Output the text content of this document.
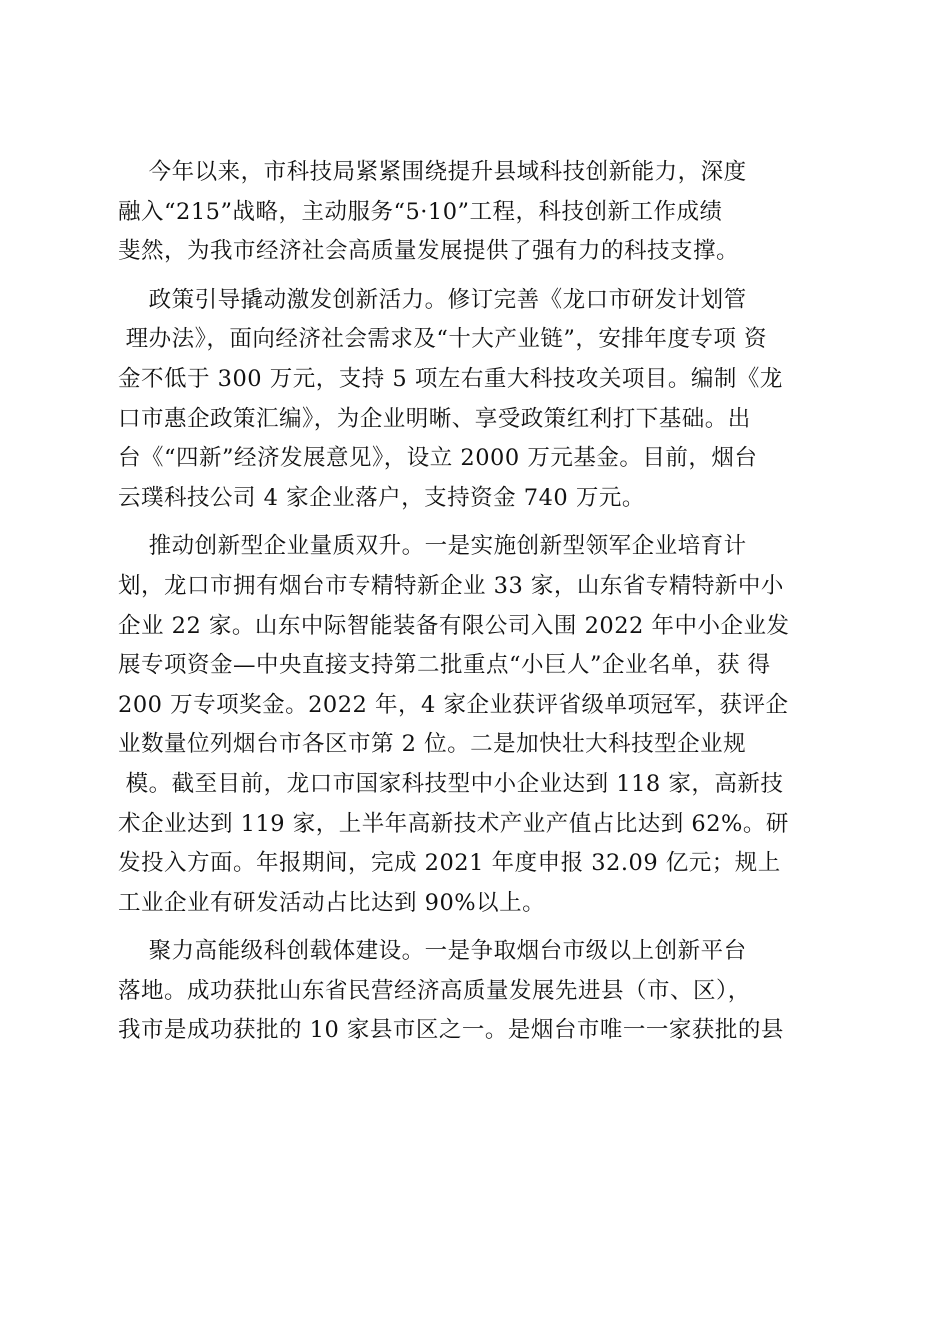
今年以来，市科技局紧紧围绕提升县域科技创新能力，深度
融入“215”战略，主动服务“5·10”工程，科技创新工作成绩
斐然，为我市经济社会高质量发展提供了强有力的科技支撑。
政策引导撬动激发创新活力。修订完善《龙口市研发计划管
理办法》，面向经济社会需求及“十大产业链”，安排年度专项 资
金不低于 300 万元，支持 5 项左右重大科技攻关项目。编制《龙
口市惠企政策汇编》，为企业明晰、享受政策红利打下基础。出
台《“四新”经济发展意见》，设立 2000 万元基金。目前，烟台
云璞科技公司 4 家企业落户，支持资金 740 万元。
推动创新型企业量质双升。一是实施创新型领军企业培育计
划，龙口市拥有烟台市专精特新企业 33 家，山东省专精特新中小
企业 22 家。山东中际智能装备有限公司入围 2022 年中小企业发
展专项资金—中央直接支持第二批重点“小巨人”企业名单，获 得
200 万专项奖金。2022 年，4 家企业获评省级单项冠军，获评企
业数量位列烟台市各区市第 2 位。二是加快壮大科技型企业规
模。截至目前，龙口市国家科技型中小企业达到 118 家，高新技
术企业达到 119 家，上半年高新技术产业产值占比达到 62%。研
发投入方面。年报期间，完成 2021 年度申报 32.09 亿元；规上
工业企业有研发活动占比达到 90%以上。
聚力高能级科创载体建设。一是争取烟台市级以上创新平台
落地。成功获批山东省民营经济高质量发展先进县（市、区），
我市是成功获批的 10 家县市区之一。是烟台市唯一一家获批的县
